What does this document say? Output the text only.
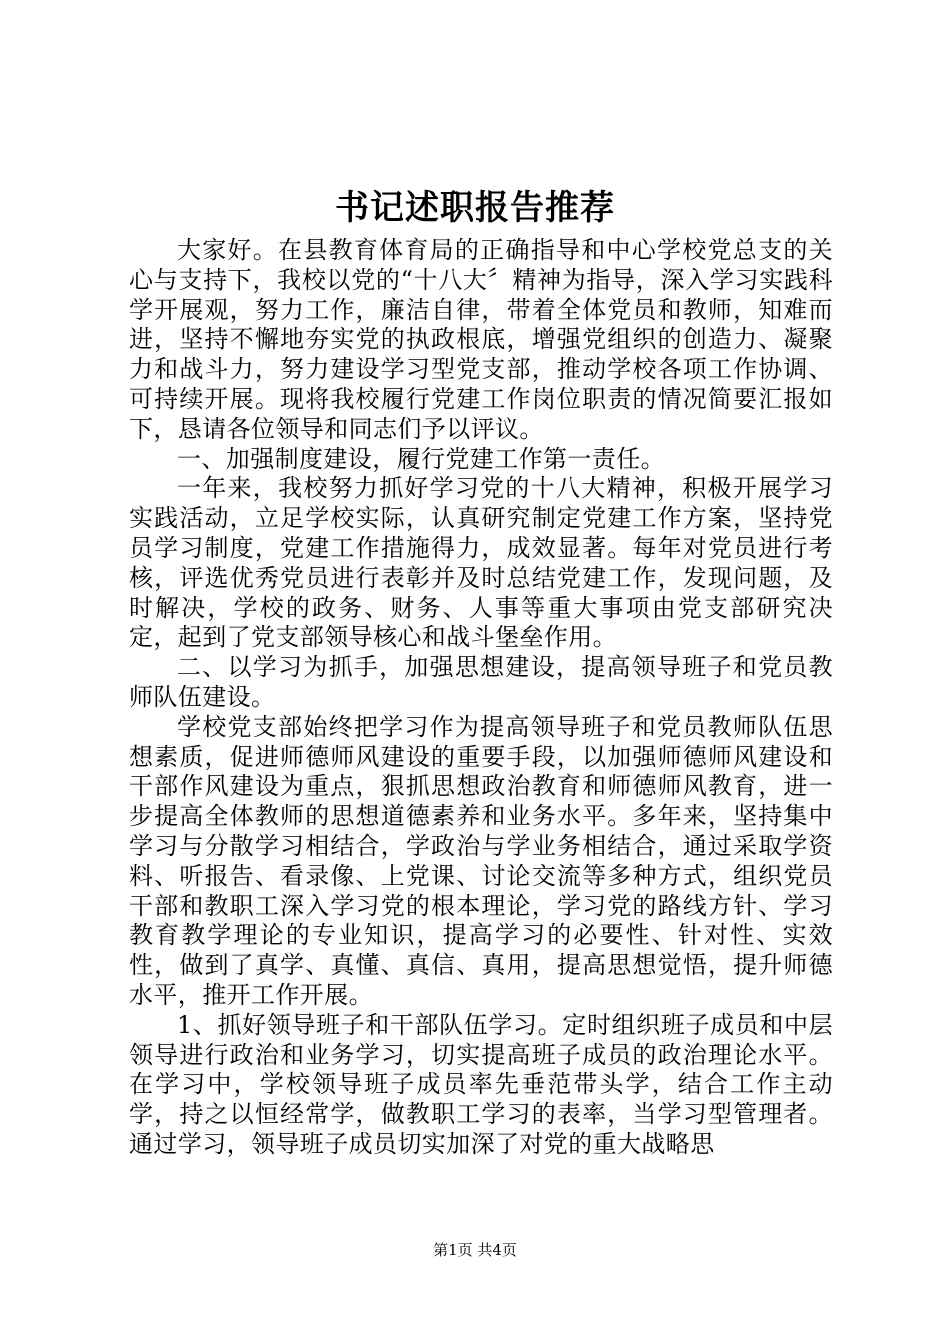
书记述职报告推荐

大家好。在县教育体育局的正确指导和中心学校党总支的关心与支持下，我校以党的“十八大〞精神为指导，深入学习实践科学开展观，努力工作，廉洁自律，带着全体党员和教师，知难而进，坚持不懈地夯实党的执政根底，增强党组织的创造力、凝聚力和战斗力，努力建设学习型党支部，推动学校各项工作协调、可持续开展。现将我校履行党建工作岗位职责的情况简要汇报如下，恳请各位领导和同志们予以评议。

一、加强制度建设，履行党建工作第一责任。

一年来，我校努力抓好学习党的十八大精神，积极开展学习实践活动，立足学校实际，认真研究制定党建工作方案，坚持党员学习制度，党建工作措施得力，成效显著。每年对党员进行考核，评选优秀党员进行表彰并及时总结党建工作，发现问题，及时解决，学校的政务、财务、人事等重大事项由党支部研究决定，起到了党支部领导核心和战斗堡垒作用。

二、以学习为抓手，加强思想建设，提高领导班子和党员教师队伍建设。

学校党支部始终把学习作为提高领导班子和党员教师队伍思想素质，促进师德师风建设的重要手段，以加强师德师风建设和干部作风建设为重点，狠抓思想政治教育和师德师风教育，进一步提高全体教师的思想道德素养和业务水平。多年来，坚持集中学习与分散学习相结合，学政治与学业务相结合，通过采取学资料、听报告、看录像、上党课、讨论交流等多种方式，组织党员干部和教职工深入学习党的根本理论，学习党的路线方针、学习教育教学理论的专业知识，提高学习的必要性、针对性、实效性，做到了真学、真懂、真信、真用，提高思想觉悟，提升师德水平，推开工作开展。

1、抓好领导班子和干部队伍学习。定时组织班子成员和中层领导进行政治和业务学习，切实提高班子成员的政治理论水平。在学习中，学校领导班子成员率先垂范带头学，结合工作主动学，持之以恒经常学，做教职工学习的表率，当学习型管理者。通过学习，领导班子成员切实加深了对党的重大战略思

第1页 共4页
